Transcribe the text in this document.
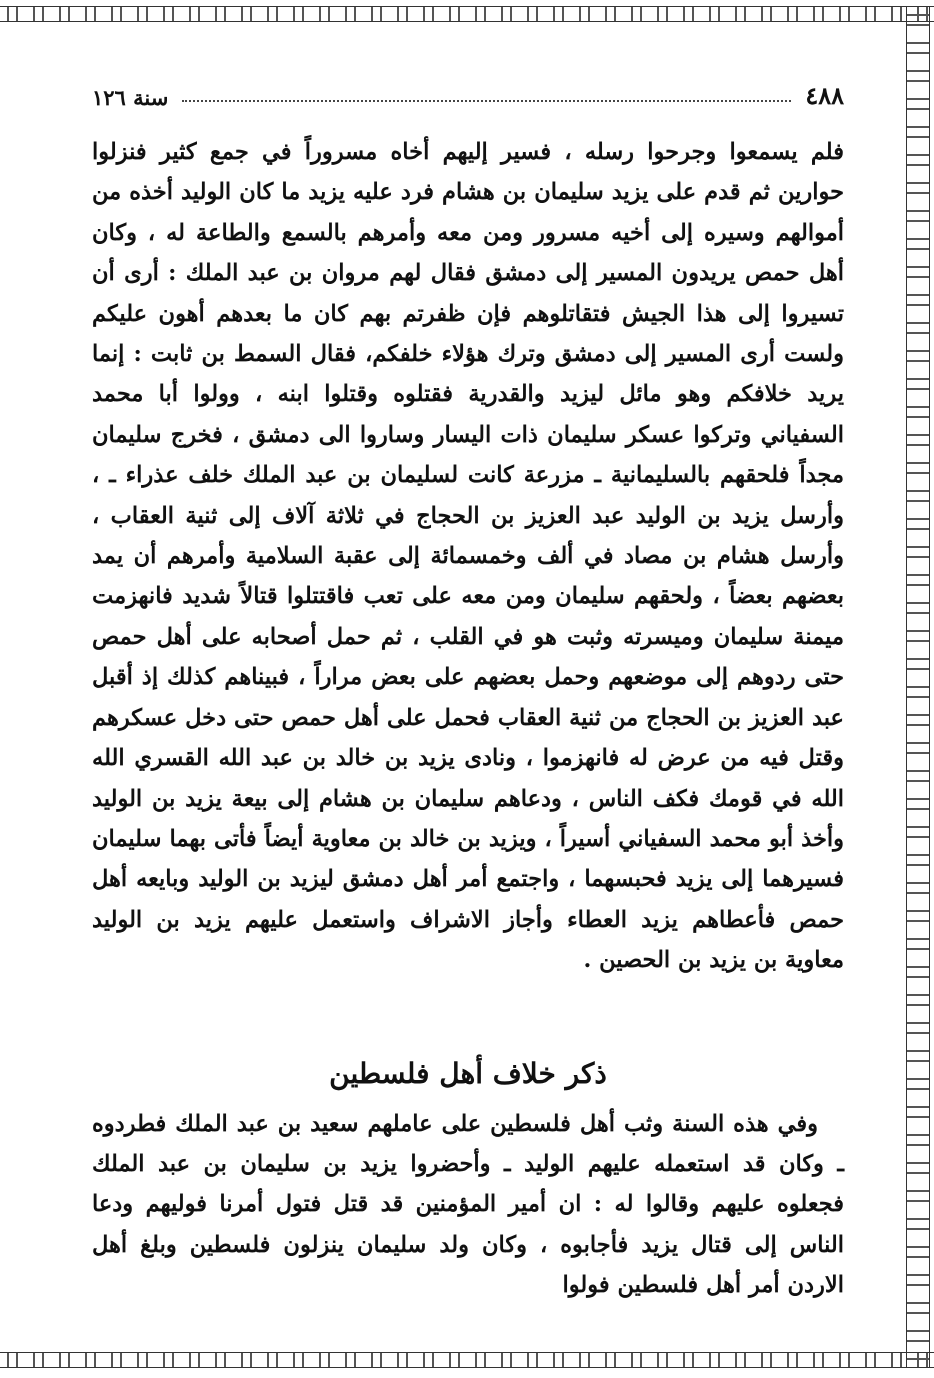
٤٨٨
سنة ١٢٦

فلم يسمعوا وجرحوا رسله ، فسير إليهم أخاه مسروراً في جمع كثير فنزلوا حوارين ثم قدم على يزيد سليمان بن هشام فرد عليه يزيد ما كان الوليد أخذه من أموالهم وسيره إلى أخيه مسرور ومن معه وأمرهم بالسمع والطاعة له ، وكان أهل حمص يريدون المسير إلى دمشق فقال لهم مروان بن عبد الملك : أرى أن تسيروا إلى هذا الجيش فتقاتلوهم فإن ظفرتم بهم كان ما بعدهم أهون عليكم ولست أرى المسير إلى دمشق وترك هؤلاء خلفكم، فقال السمط بن ثابت : إنما يريد خلافكم وهو مائل ليزيد والقدرية فقتلوه وقتلوا ابنه ، وولوا أبا محمد السفياني وتركوا عسكر سليمان ذات اليسار وساروا الى دمشق ، فخرج سليمان مجداً فلحقهم بالسليمانية ـ مزرعة كانت لسليمان بن عبد الملك خلف عذراء ـ ، وأرسل يزيد بن الوليد عبد العزيز بن الحجاج في ثلاثة آلاف إلى ثنية العقاب ، وأرسل هشام بن مصاد في ألف وخمسمائة إلى عقبة السلامية وأمرهم أن يمد بعضهم بعضاً ، ولحقهم سليمان ومن معه على تعب فاقتتلوا قتالاً شديد فانهزمت ميمنة سليمان وميسرته وثبت هو في القلب ، ثم حمل أصحابه على أهل حمص حتى ردوهم إلى موضعهم وحمل بعضهم على بعض مراراً ، فبيناهم كذلك إذ أقبل عبد العزيز بن الحجاج من ثنية العقاب فحمل على أهل حمص حتى دخل عسكرهم وقتل فيه من عرض له فانهزموا ، ونادى يزيد بن خالد بن عبد الله القسري الله الله في قومك فكف الناس ، ودعاهم سليمان بن هشام إلى بيعة يزيد بن الوليد وأخذ أبو محمد السفياني أسيراً ، ويزيد بن خالد بن معاوية أيضاً فأتى بهما سليمان فسيرهما إلى يزيد فحبسهما ، واجتمع أمر أهل دمشق ليزيد بن الوليد وبايعه أهل حمص فأعطاهم يزيد العطاء وأجاز الاشراف واستعمل عليهم يزيد بن الوليد معاوية بن يزيد بن الحصين .

ذكر خلاف أهل فلسطين

وفي هذه السنة وثب أهل فلسطين على عاملهم سعيد بن عبد الملك فطردوه ـ وكان قد استعمله عليهم الوليد ـ وأحضروا يزيد بن سليمان بن عبد الملك فجعلوه عليهم وقالوا له : ان أمير المؤمنين قد قتل فتول أمرنا فوليهم ودعا الناس إلى قتال يزيد فأجابوه ، وكان ولد سليمان ينزلون فلسطين وبلغ أهل الاردن أمر أهل فلسطين فولوا
